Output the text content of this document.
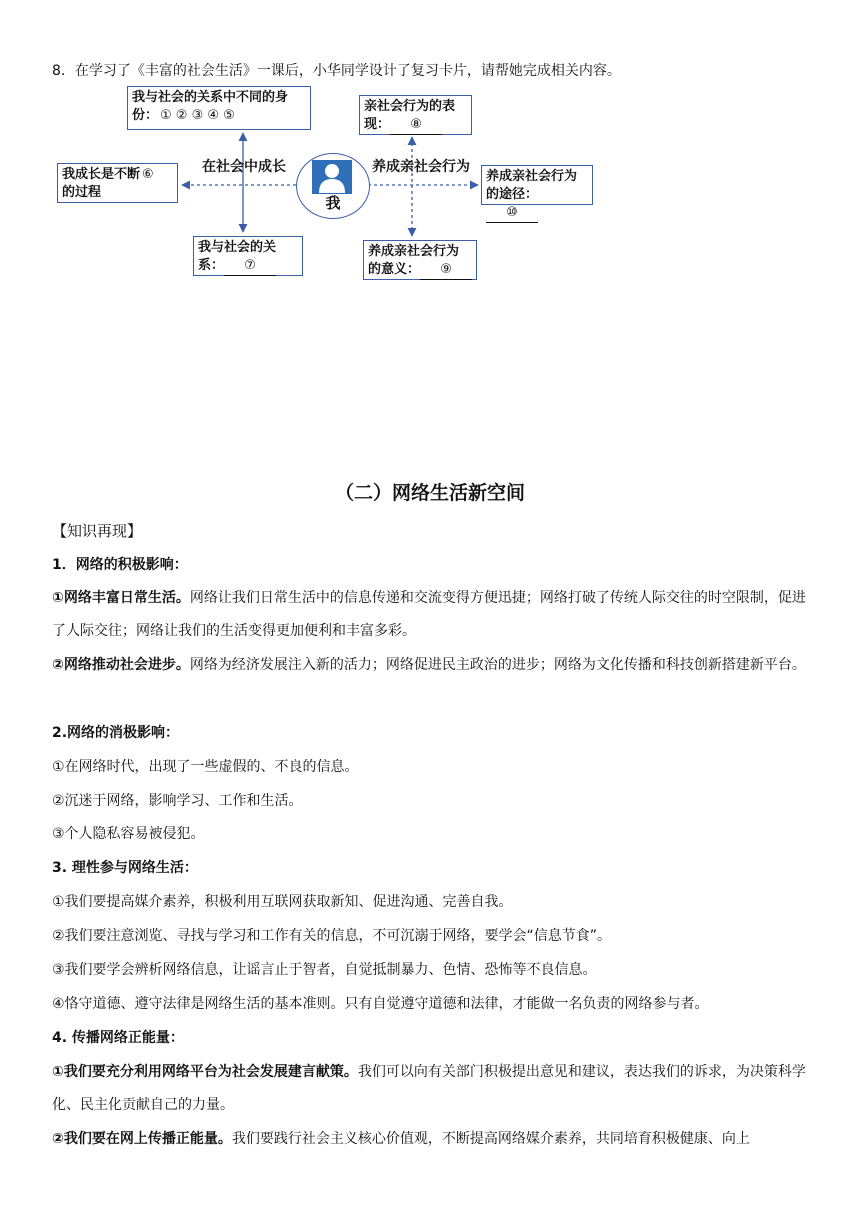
8．在学习了《丰富的社会生活》一课后，小华同学设计了复习卡片，请帮她完成相关内容。
在社会中成长	养成亲社会行为
我
我与社会的关系中不同的身
份： ① ② ③ ④ ⑤
我成长是不断 ⑥
的过程
我与社会的关
系： ⑦
亲社会行为的表
现： ⑧
养成亲社会行为
的意义： ⑨
养成亲社会行为
的途径：⑩
（二）网络生活新空间
【知识再现】
1．网络的积极影响：
①网络丰富日常生活。网络让我们日常生活中的信息传递和交流变得方便迅捷；网络打破了传统人际交往的时空限制，促进了人际交往；网络让我们的生活变得更加便利和丰富多彩。
②网络推动社会进步。网络为经济发展注入新的活力；网络促进民主政治的进步；网络为文化传播和科技创新搭建新平台。
2.网络的消极影响：
①在网络时代，出现了一些虚假的、不良的信息。
②沉迷于网络，影响学习、工作和生活。
③个人隐私容易被侵犯。
3. 理性参与网络生活：
①我们要提高媒介素养，积极利用互联网获取新知、促进沟通、完善自我。
②我们要注意浏览、寻找与学习和工作有关的信息，不可沉溺于网络，要学会“信息节食”。
③我们要学会辨析网络信息，让谣言止于智者，自觉抵制暴力、色情、恐怖等不良信息。
④恪守道德、遵守法律是网络生活的基本准则。只有自觉遵守道德和法律，才能做一名负责的网络参与者。
4. 传播网络正能量：
①我们要充分利用网络平台为社会发展建言献策。我们可以向有关部门积极提出意见和建议，表达我们的诉求，为决策科学化、民主化贡献自己的力量。
②我们要在网上传播正能量。我们要践行社会主义核心价值观，不断提高网络媒介素养，共同培育积极健康、向上
